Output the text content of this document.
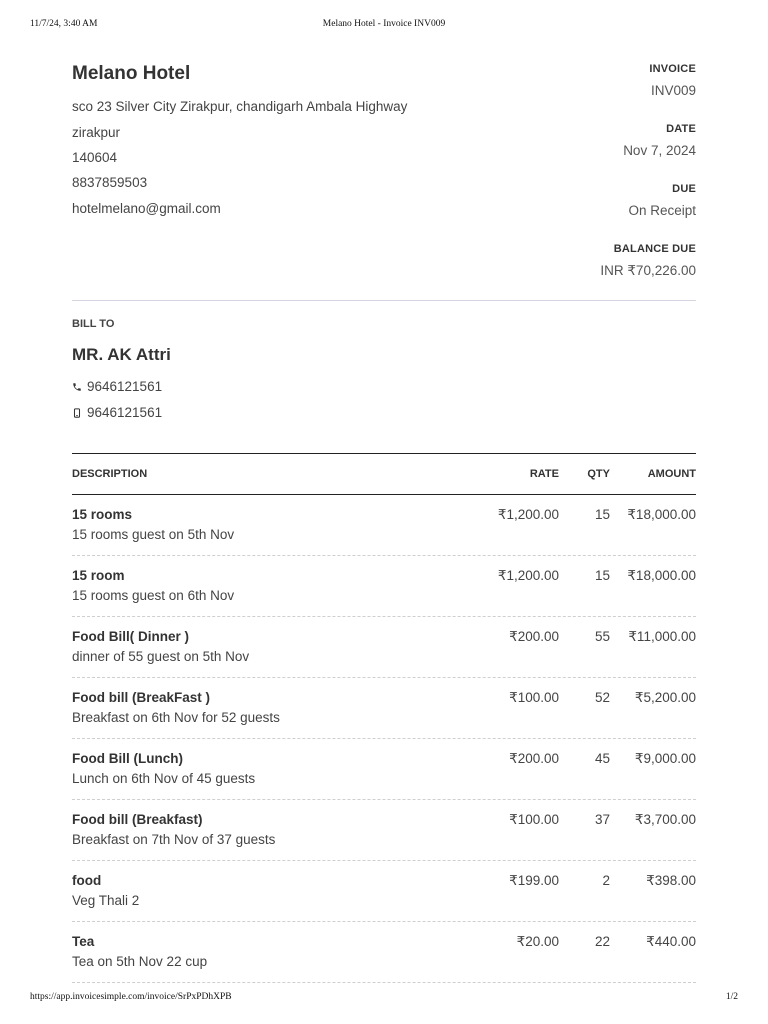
11/7/24, 3:40 AM	Melano Hotel - Invoice INV009
Melano Hotel
sco 23 Silver City Zirakpur, chandigarh Ambala Highway
zirakpur
140604
8837859503
hotelmelano@gmail.com
INVOICE
INV009
DATE
Nov 7, 2024
DUE
On Receipt
BALANCE DUE
INR ₹70,226.00
BILL TO
MR. AK Attri
9646121561
9646121561
DESCRIPTION	RATE	QTY	AMOUNT
15 rooms
15 rooms guest on 5th Nov
₹1,200.00	15 ₹18,000.00
15 room
15 rooms guest on 6th Nov
₹1,200.00	15 ₹18,000.00
Food Bill( Dinner )
dinner of 55 guest on 5th Nov
₹200.00	55 ₹11,000.00
Food bill (BreakFast )
Breakfast on 6th Nov for 52 guests
₹100.00	52 ₹5,200.00
Food Bill (Lunch)
Lunch on 6th Nov of 45 guests
₹200.00	45 ₹9,000.00
Food bill (Breakfast)
Breakfast on 7th Nov of 37 guests
₹100.00	37 ₹3,700.00
food
Veg Thali 2
₹199.00	2	₹398.00
Tea
Tea on 5th Nov 22 cup
₹20.00	22	₹440.00
https://app.invoicesimple.com/invoice/SrPxPDhXPB	1/2
